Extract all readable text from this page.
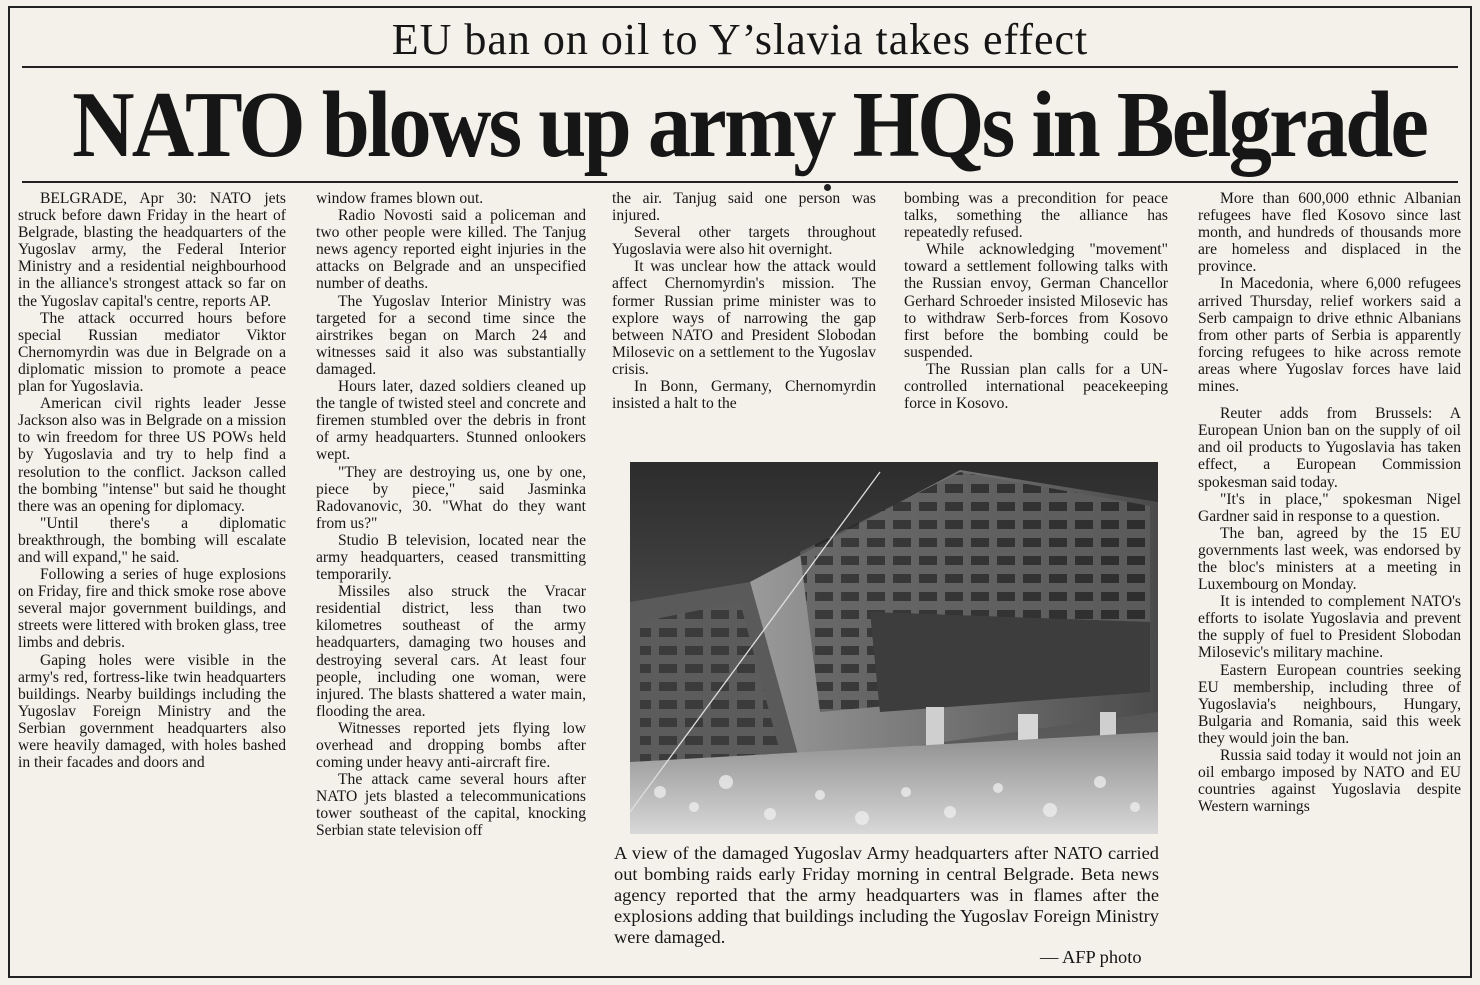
EU ban on oil to Y’slavia takes effect
NATO blows up army HQs in Belgrade

BELGRADE, Apr 30: NATO jets struck before dawn Friday in the heart of Belgrade, blasting the headquarters of the Yugoslav army, the Federal Interior Ministry and a residential neighbourhood in the alliance's strongest attack so far on the Yugoslav capital's centre, reports AP.

The attack occurred hours before special Russian mediator Viktor Chernomyrdin was due in Belgrade on a diplomatic mission to promote a peace plan for Yugoslavia.

American civil rights leader Jesse Jackson also was in Belgrade on a mission to win freedom for three US POWs held by Yugoslavia and try to help find a resolution to the conflict. Jackson called the bombing "intense" but said he thought there was an opening for diplomacy.

"Until there's a diplomatic breakthrough, the bombing will escalate and will expand," he said.

Following a series of huge explosions on Friday, fire and thick smoke rose above several major government buildings, and streets were littered with broken glass, tree limbs and debris.

Gaping holes were visible in the army's red, fortress-like twin headquarters buildings. Nearby buildings including the Yugoslav Foreign Ministry and the Serbian government headquarters also were heavily damaged, with holes bashed in their facades and doors and

window frames blown out.

Radio Novosti said a policeman and two other people were killed. The Tanjug news agency reported eight injuries in the attacks on Belgrade and an unspecified number of deaths.

The Yugoslav Interior Ministry was targeted for a second time since the airstrikes began on March 24 and witnesses said it also was substantially damaged.

Hours later, dazed soldiers cleaned up the tangle of twisted steel and concrete and firemen stumbled over the debris in front of army headquarters. Stunned onlookers wept.

"They are destroying us, one by one, piece by piece," said Jasminka Radovanovic, 30. "What do they want from us?"

Studio B television, located near the army headquarters, ceased transmitting temporarily.

Missiles also struck the Vracar residential district, less than two kilometres southeast of the army headquarters, damaging two houses and destroying several cars. At least four people, including one woman, were injured. The blasts shattered a water main, flooding the area.

Witnesses reported jets flying low overhead and dropping bombs after coming under heavy anti-aircraft fire.

The attack came several hours after NATO jets blasted a telecommunications tower southeast of the capital, knocking Serbian state television off

the air. Tanjug said one person was injured.

Several other targets throughout Yugoslavia were also hit overnight.

It was unclear how the attack would affect Chernomyrdin's mission. The former Russian prime minister was to explore ways of narrowing the gap between NATO and President Slobodan Milosevic on a settlement to the Yugoslav crisis.

In Bonn, Germany, Chernomyrdin insisted a halt to the

bombing was a precondition for peace talks, something the alliance has repeatedly refused.

While acknowledging "movement" toward a settlement following talks with the Russian envoy, German Chancellor Gerhard Schroeder insisted Milosevic has to withdraw Serb-forces from Kosovo first before the bombing could be suspended.

The Russian plan calls for a UN-controlled international peacekeeping force in Kosovo.

More than 600,000 ethnic Albanian refugees have fled Kosovo since last month, and hundreds of thousands more are homeless and displaced in the province.

In Macedonia, where 6,000 refugees arrived Thursday, relief workers said a Serb campaign to drive ethnic Albanians from other parts of Serbia is apparently forcing refugees to hike across remote areas where Yugoslav forces have laid mines.

Reuter adds from Brussels: A European Union ban on the supply of oil and oil products to Yugoslavia has taken effect, a European Commission spokesman said today.

"It's in place," spokesman Nigel Gardner said in response to a question.

The ban, agreed by the 15 EU governments last week, was endorsed by the bloc's ministers at a meeting in Luxembourg on Monday.

It is intended to complement NATO's efforts to isolate Yugoslavia and prevent the supply of fuel to President Slobodan Milosevic's military machine.

Eastern European countries seeking EU membership, including three of Yugoslavia's neighbours, Hungary, Bulgaria and Romania, said this week they would join the ban.

Russia said today it would not join an oil embargo imposed by NATO and EU countries against Yugoslavia despite Western warnings

A view of the damaged Yugoslav Army headquarters after NATO carried out bombing raids early Friday morning in central Belgrade. Beta news agency reported that the army headquarters was in flames after the explosions adding that buildings including the Yugoslav Foreign Ministry were damaged.
— AFP photo
